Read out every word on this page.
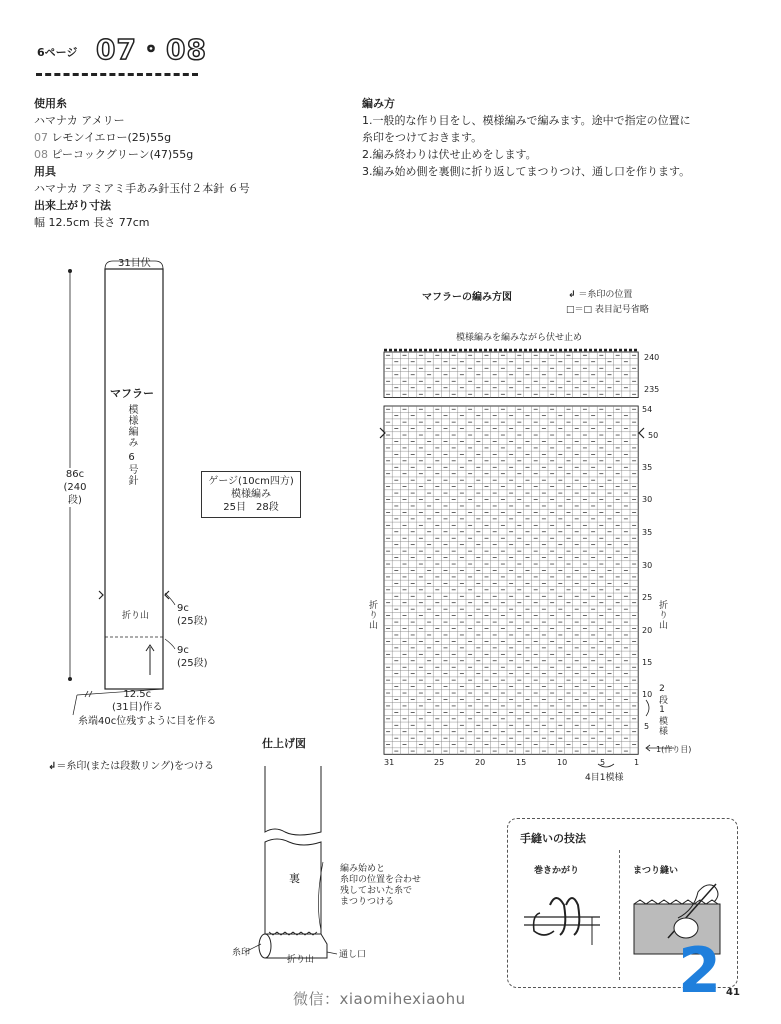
6ページ 07・08
使用糸
ハマナカ アメリー
07 レモンイエロー(25)55g
08 ピーコックグリーン(47)55g
用具
ハマナカ アミアミ手あみ針玉付２本針 ６号
出来上がり寸法
幅 12.5cm 長さ 77cm
編み方
1.一般的な作り目をし、模様編みで編みます。途中で指定の位置に
糸印をつけておきます。
2.編み終わりは伏せ止めをします。
3.編み始め側を裏側に折り返してまつりつけ、通し口を作ります。
31目伏
マフラー
模様編み
6号針
86c
(240段)
折り山
9c
(25段)
9c
(25段)
12.5c
(31目)作る
糸端40c位残すように目を作る
↲＝糸印(または段数リング)をつける
ゲージ(10cm四方)
模様編み
25目　28段
マフラーの編み方図	↲ ＝糸印の位置
□＝□ 表目記号省略
模様編みを編みながら伏せ止め
240
235
54
50
35
30
35
30
25
20
15
10
5
1(作り目)
31	25	20	15	10	5	1
4目1模様
2段1模様
折り山	折り山
仕上げ図
裏
編み始めと
糸印の位置を合わせ
残しておいた糸で
まつりつける
糸印
折り山	通し口
手縫いの技法
巻きかがり	まつり縫い
微信：xiaomihexiaohu	2 41
